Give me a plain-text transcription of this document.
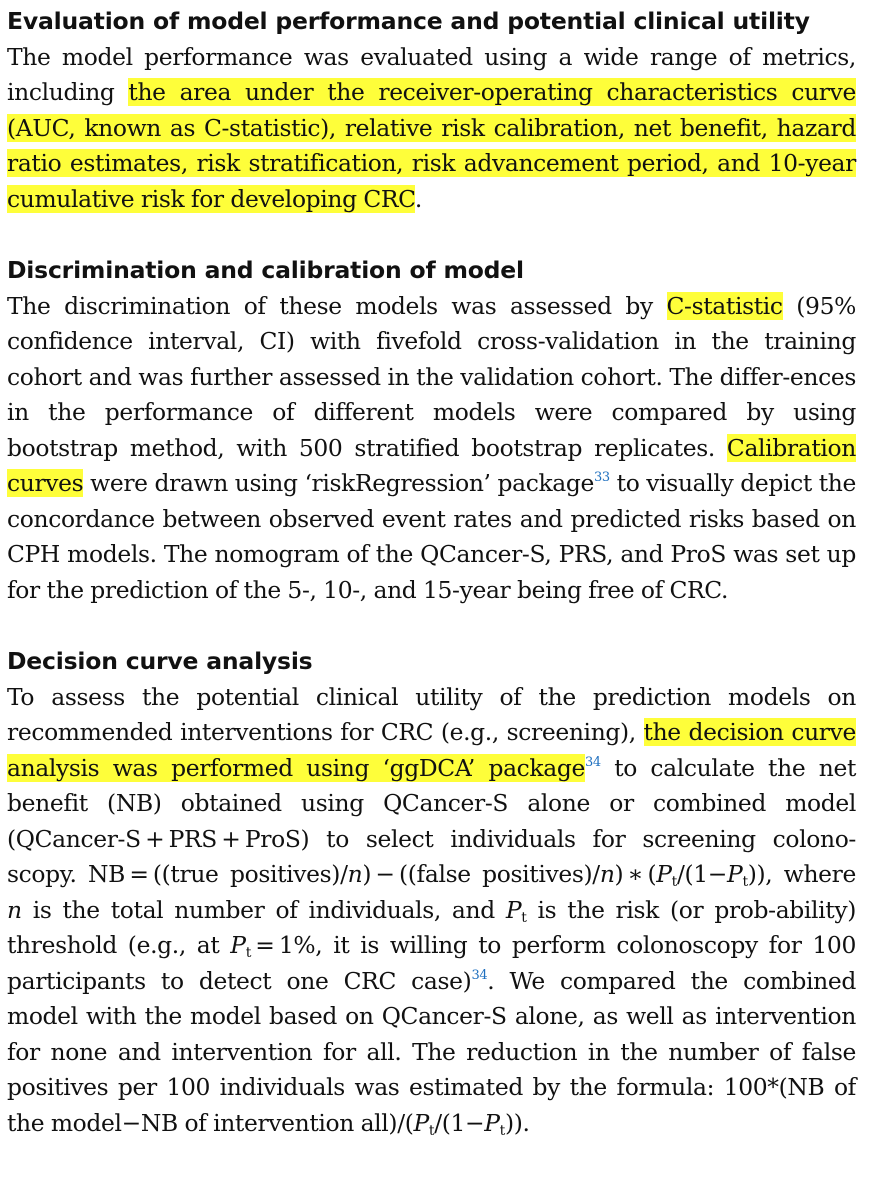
Evaluation of model performance and potential clinical utility

The model performance was evaluated using a wide range of metrics, including the area under the receiver-operating characteristics curve (AUC, known as C-statistic), relative risk calibration, net benefit, hazard ratio estimates, risk stratification, risk advancement period, and 10-year cumulative risk for developing CRC.

Discrimination and calibration of model

The discrimination of these models was assessed by C-statistic (95% confidence interval, CI) with fivefold cross-validation in the training cohort and was further assessed in the validation cohort. The differ-ences in the performance of different models were compared by using bootstrap method, with 500 stratified bootstrap replicates. Calibration curves were drawn using ‘riskRegression’ package$^{33}$ to visually depict the concordance between observed event rates and predicted risks based on CPH models. The nomogram of the QCancer-S, PRS, and ProS was set up for the prediction of the 5-, 10-, and 15-year being free of CRC.

Decision curve analysis

To assess the potential clinical utility of the prediction models on recommended interventions for CRC (e.g., screening), the decision curve analysis was performed using ‘ggDCA’ package$^{34}$ to calculate the net benefit (NB) obtained using QCancer-S alone or combined model (QCancer-S + PRS + ProS) to select individuals for screening colono-scopy. NB = ((true positives)/n) − ((false positives)/n) ∗ $(P_t/(1-P_t))$, where n is the total number of individuals, and $P_t$ is the risk (or prob-ability) threshold (e.g., at $P_t = 1\%$, it is willing to perform colonoscopy for 100 participants to detect one CRC case)$^{34}$. We compared the combined model with the model based on QCancer-S alone, as well as intervention for none and intervention for all. The reduction in the number of false positives per 100 individuals was estimated by the formula: 100*(NB of the model−NB of intervention $all)/(P_t/(1-P_t))$.
